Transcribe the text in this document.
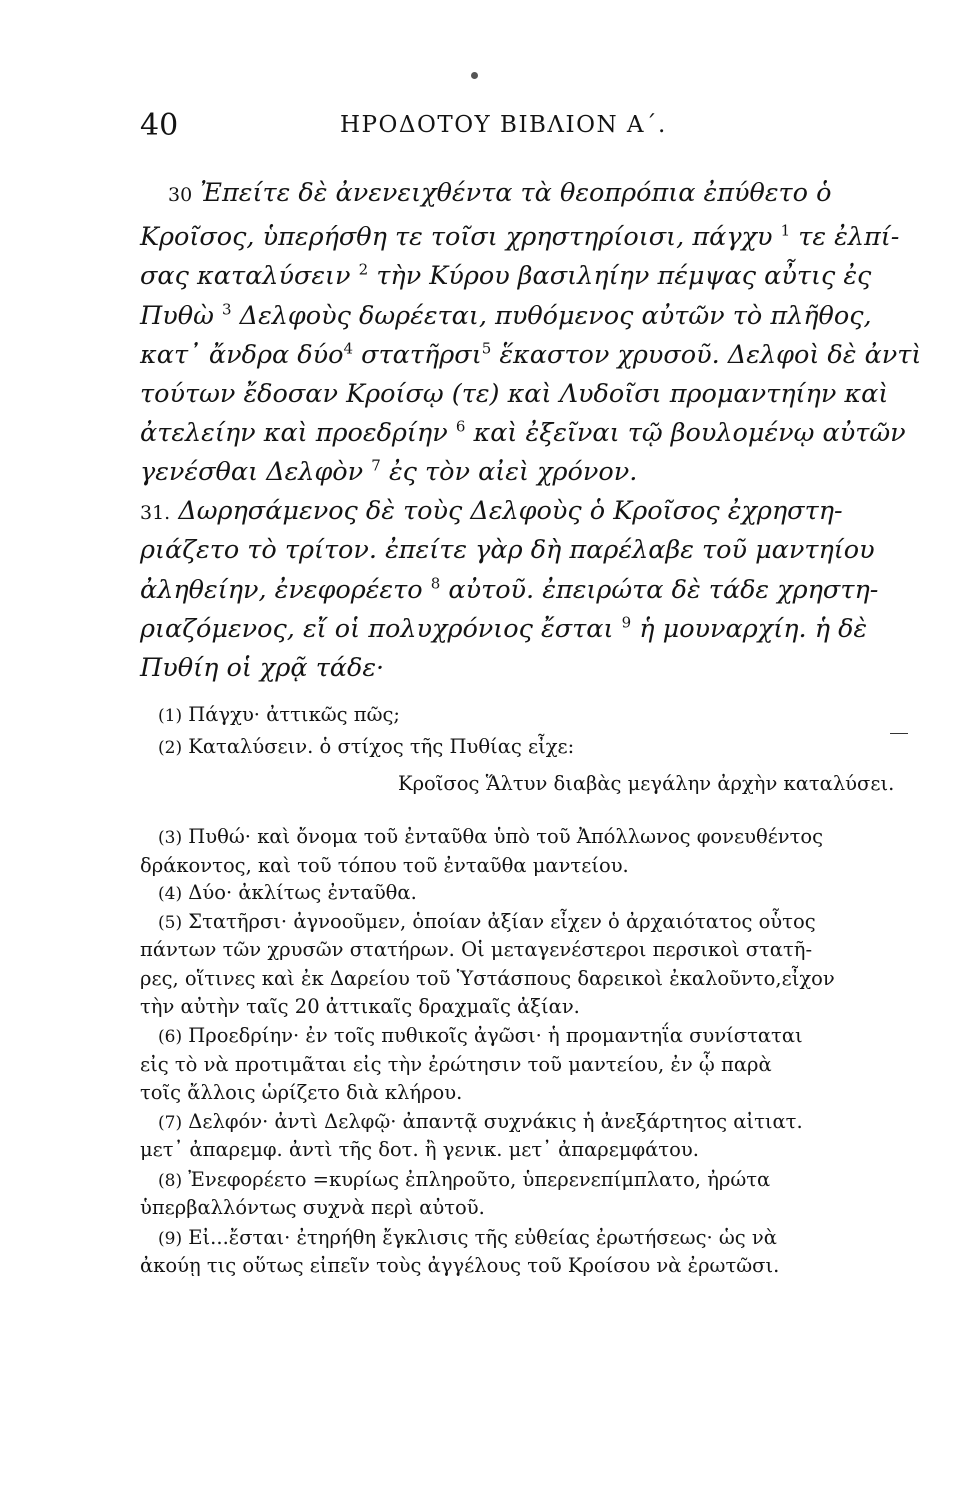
40	ΗΡΟΔΟΤΟΥ ΒΙΒΛΙΟΝ Α΄.
30 Ἐπείτε δὲ ἀνενειχθέντα τὰ θεοπρόπια ἐπύθετο ὁ
Κροῖσος, ὑπερήσθη τε τοῖσι χρηστηρίοισι, πάγχυ $^1$ τε ἐλπί-
σας καταλύσειν $^2$ τὴν Κύρου βασιληίην πέμψας αὖτις ἐς
Πυθὼ $^3$ Δελφοὺς δωρέεται, πυθόμενος αὐτῶν τὸ πλῆθος,
κατ᾽ ἄνδρα δύο$^4$ στατῆρσι$^5$ ἕκαστον χρυσοῦ. Δελφοὶ δὲ ἀντὶ
τούτων ἔδοσαν Κροίσῳ (τε) καὶ Λυδοῖσι προμαντηίην καὶ
ἀτελείην καὶ προεδρίην $^6$ καὶ ἐξεῖναι τῷ βουλομένῳ αὐτῶν
γενέσθαι Δελφὸν $^7$ ἐς τὸν αἰεὶ χρόνον.
31. Δωρησάμενος δὲ τοὺς Δελφοὺς ὁ Κροῖσος ἐχρηστη-
ριάζετο τὸ τρίτον. ἐπείτε γὰρ δὴ παρέλαβε τοῦ μαντηίου
ἀληθείην, ἐνεφορέετο $^8$ αὐτοῦ. ἐπειρώτα δὲ τάδε χρηστη-
ριαζόμενος, εἴ οἱ πολυχρόνιος ἔσται $^9$ ἡ μουναρχίη. ἡ δὲ
Πυθίη οἱ χρᾷ τάδε·
(1) Πάγχυ· ἀττικῶς πῶς;
(2) Καταλύσειν. ὁ στίχος τῆς Πυθίας εἶχε:
Κροῖσος Ἅλτυν διαβὰς μεγάλην ἀρχὴν καταλύσει.
(3) Πυθώ· καὶ ὄνομα τοῦ ἐνταῦθα ὑπὸ τοῦ Ἀπόλλωνος φονευθέντος
δράκοντος, καὶ τοῦ τόπου τοῦ ἐνταῦθα μαντείου.
(4) Δύο· ἀκλίτως ἐνταῦθα.
(5) Στατῆρσι· ἀγνοοῦμεν, ὁποίαν ἀξίαν εἶχεν ὁ ἀρχαιότατος οὗτος
πάντων τῶν χρυσῶν στατήρων. Οἱ μεταγενέστεροι περσικοὶ στατῆ-
ρες, οἵτινες καὶ ἐκ Δαρείου τοῦ Ὑστάσπους δαρεικοὶ ἐκαλοῦντο,εἶχον
τὴν αὐτὴν ταῖς 20 ἀττικαῖς δραχμαῖς ἀξίαν.
(6) Προεδρίην· ἐν τοῖς πυθικοῖς ἀγῶσι· ἡ προμαντηΐα συνίσταται
εἰς τὸ νὰ προτιμᾶται εἰς τὴν ἐρώτησιν τοῦ μαντείου, ἐν ᾧ παρὰ
τοῖς ἄλλοις ὡρίζετο διὰ κλήρου.
(7) Δελφόν· ἀντὶ Δελφῷ· ἀπαντᾷ συχνάκις ἡ ἀνεξάρτητος αἰτιατ.
μετ᾽ ἀπαρεμφ. ἀντὶ τῆς δοτ. ἢ γενικ. μετ᾽ ἀπαρεμφάτου.
(8) Ἐνεφορέετο =κυρίως ἐπληροῦτο, ὑπερενεπίμπλατο, ἠρώτα
ὑπερβαλλόντως συχνὰ περὶ αὐτοῦ.
(9) Εἰ...ἔσται· ἐτηρήθη ἔγκλισις τῆς εὐθείας ἐρωτήσεως· ὡς νὰ
ἀκούῃ τις οὕτως εἰπεῖν τοὺς ἀγγέλους τοῦ Κροίσου νὰ ἐρωτῶσι.
